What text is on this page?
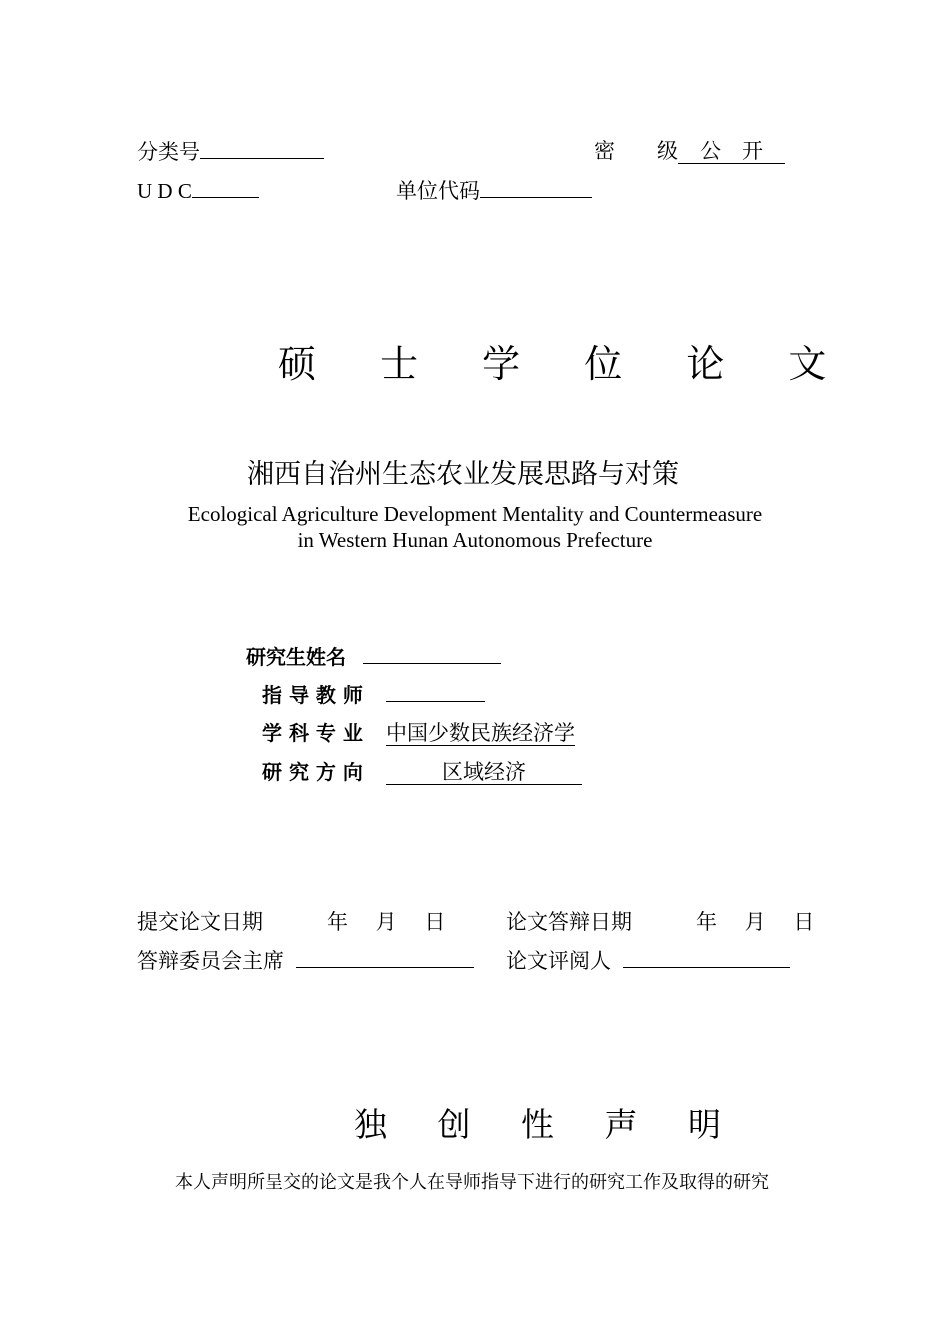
分类号	密　　级 公　开
U D C	单位代码
硕 士 学 位 论 文
湘西自治州生态农业发展思路与对策
Ecological Agriculture Development Mentality and Countermeasure
in Western Hunan Autonomous Prefecture
研究生姓名
指 导 教 师
学 科 专 业 中国少数民族经济学
研 究 方 向	区域经济
提交论文日期	年　 月　 日	论文答辩日期	年　 月　 日
答辩委员会主席	论文评阅人
独 创 性 声 明
本人声明所呈交的论文是我个人在导师指导下进行的研究工作及取得的研究
